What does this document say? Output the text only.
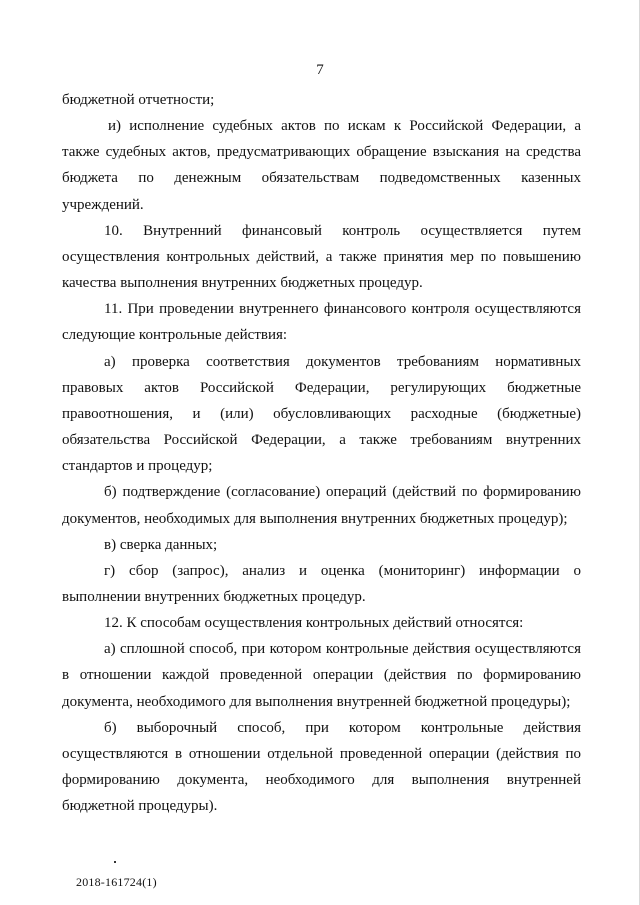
7

бюджетной отчетности;

и) исполнение судебных актов по искам к Российской Федерации, а также судебных актов, предусматривающих обращение взыскания на средства бюджета по денежным обязательствам подведомственных казенных учреждений.

10. Внутренний финансовый контроль осуществляется путем осуществления контрольных действий, а также принятия мер по повышению качества выполнения внутренних бюджетных процедур.

11. При проведении внутреннего финансового контроля осуществляются следующие контрольные действия:

а) проверка соответствия документов требованиям нормативных правовых актов Российской Федерации, регулирующих бюджетные правоотношения, и (или) обусловливающих расходные (бюджетные) обязательства Российской Федерации, а также требованиям внутренних стандартов и процедур;

б) подтверждение (согласование) операций (действий по формированию документов, необходимых для выполнения внутренних бюджетных процедур);

в) сверка данных;

г) сбор (запрос), анализ и оценка (мониторинг) информации о выполнении внутренних бюджетных процедур.

12. К способам осуществления контрольных действий относятся:

а) сплошной способ, при котором контрольные действия осуществляются в отношении каждой проведенной операции (действия по формированию документа, необходимого для выполнения внутренней бюджетной процедуры);

б) выборочный способ, при котором контрольные действия осуществляются в отношении отдельной проведенной операции (действия по формированию документа, необходимого для выполнения внутренней бюджетной процедуры).

2018-161724(1)
